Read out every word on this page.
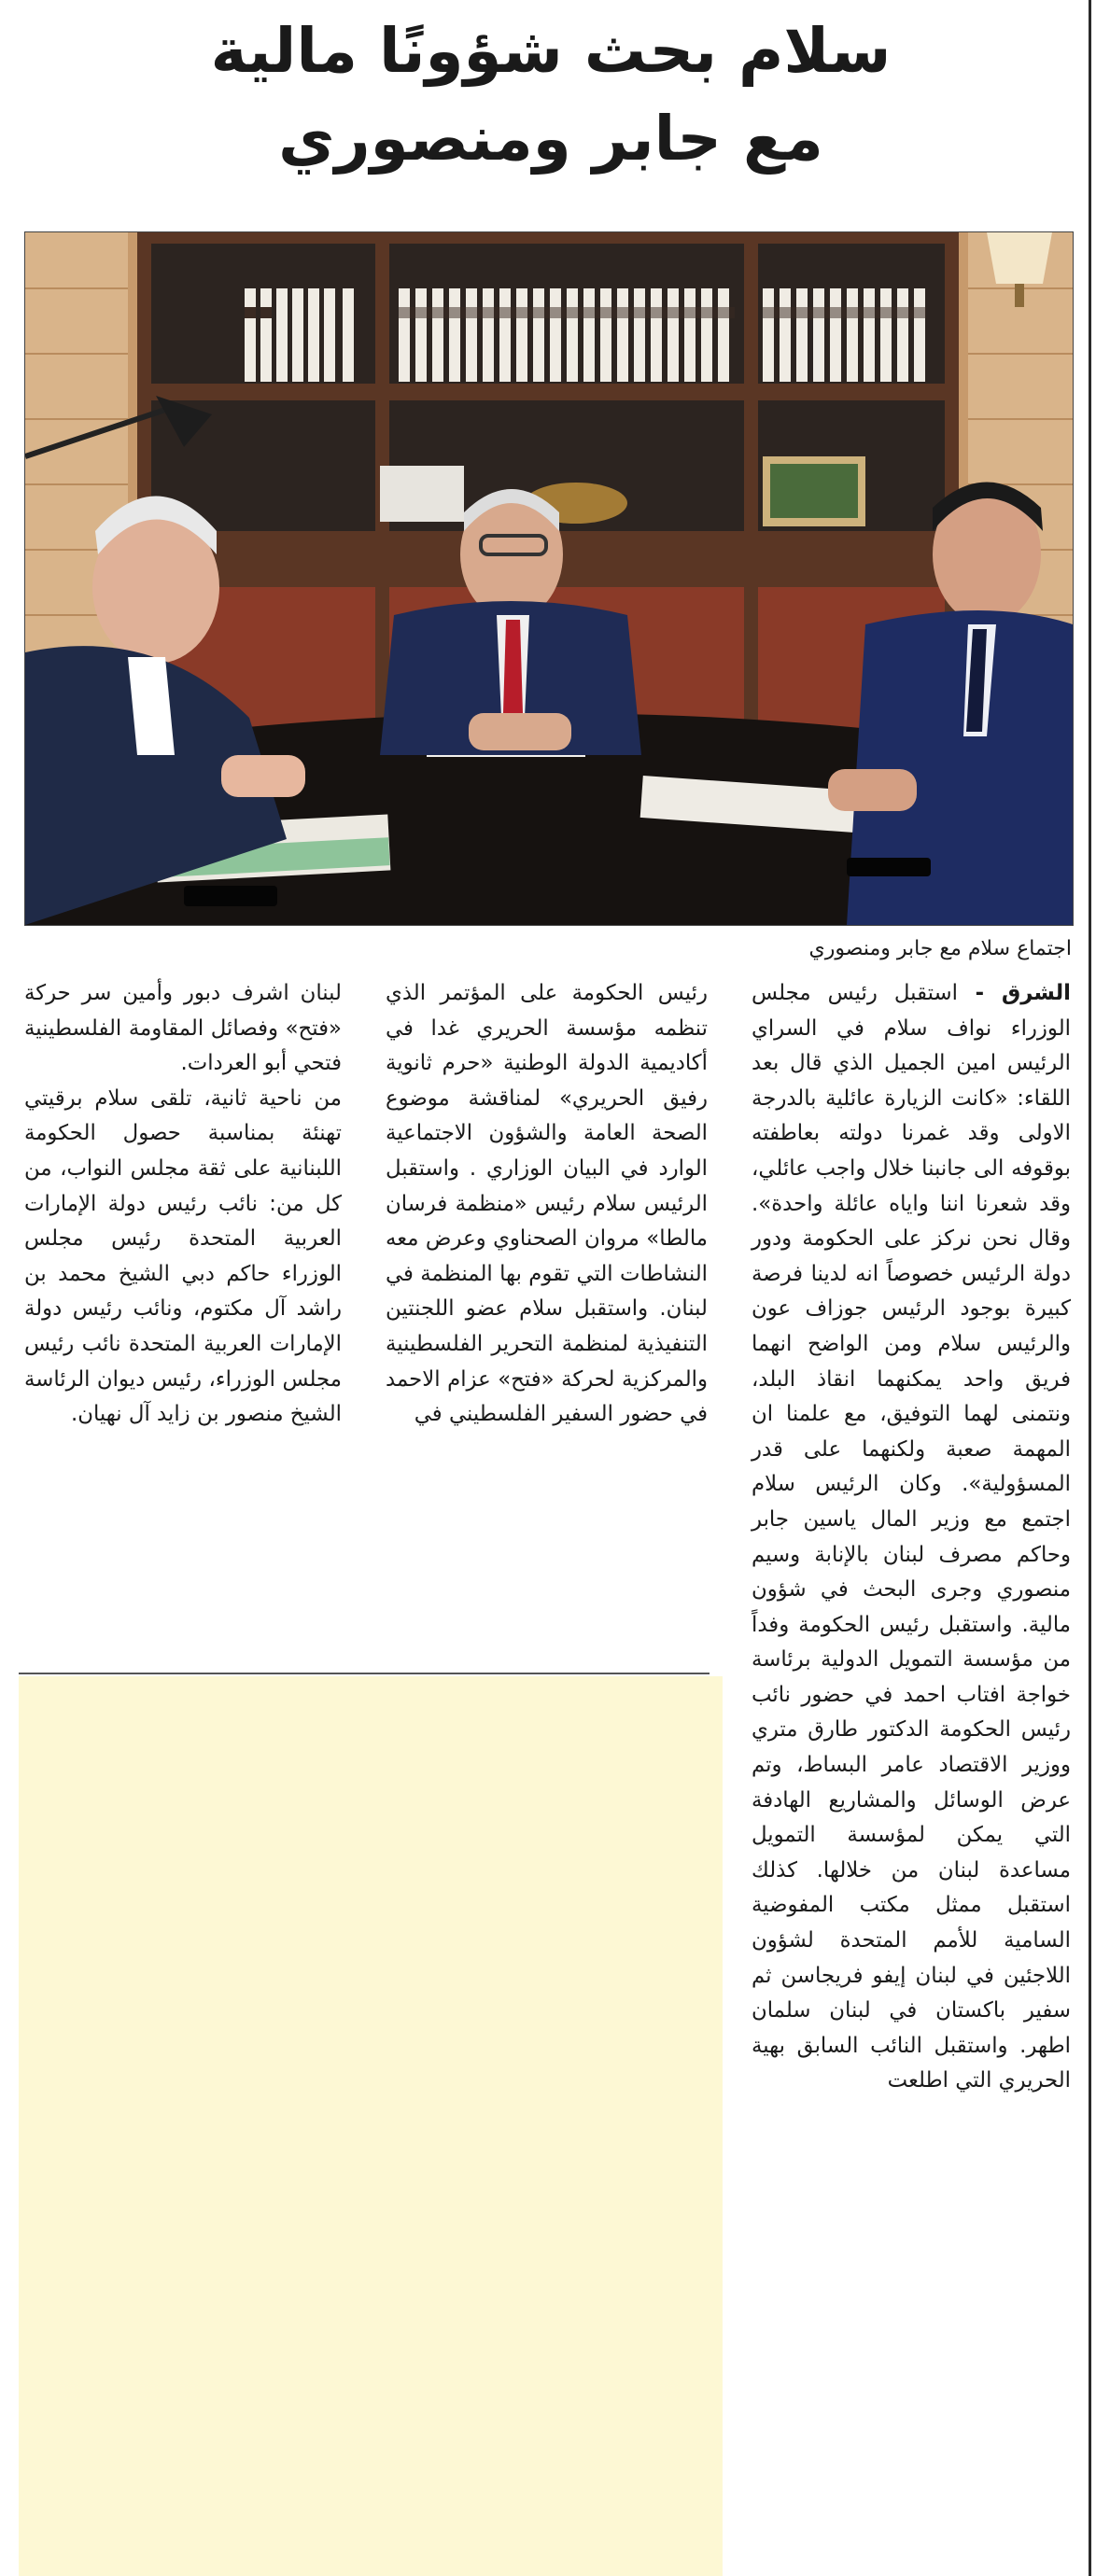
سلام بحث شؤونًا مالية
مع جابر ومنصوري
اجتماع سلام مع جابر ومنصوري

الشرق - استقبل رئيس مجلس الوزراء نواف سلام في السراي الرئيس امين الجميل الذي قال بعد اللقاء: «كانت الزيارة عائلية بالدرجة الاولى وقد غمرنا دولته بعاطفته بوقوفه الى جانبنا خلال واجب عائلي، وقد شعرنا اننا واياه عائلة واحدة». وقال نحن نركز على الحكومة ودور دولة الرئيس خصوصاً انه لدينا فرصة كبيرة بوجود الرئيس جوزاف عون والرئيس سلام ومن الواضح انهما فريق واحد يمكنهما انقاذ البلد، ونتمنى لهما التوفيق، مع علمنا ان المهمة صعبة ولكنهما على قدر المسؤولية». وكان الرئيس سلام اجتمع مع وزير المال ياسين جابر وحاكم مصرف لبنان بالإنابة وسيم منصوري وجرى البحث في شؤون مالية. واستقبل رئيس الحكومة وفداً من مؤسسة التمويل الدولية برئاسة خواجة افتاب احمد في حضور نائب رئيس الحكومة الدكتور طارق متري ووزير الاقتصاد عامر البساط، وتم عرض الوسائل والمشاريع الهادفة التي يمكن لمؤسسة التمويل مساعدة لبنان من خلالها. كذلك استقبل ممثل مكتب المفوضية السامية للأمم المتحدة لشؤون اللاجئين في لبنان إيفو فريجاسن ثم سفير باكستان في لبنان سلمان اطهر. واستقبل النائب السابق بهية الحريري التي اطلعت

رئيس الحكومة على المؤتمر الذي تنظمه مؤسسة الحريري غدا في أكاديمية الدولة الوطنية «حرم ثانوية رفيق الحريري» لمناقشة موضوع الصحة العامة والشؤون الاجتماعية الوارد في البيان الوزاري . واستقبل الرئيس سلام رئيس «منظمة فرسان مالطا» مروان الصحناوي وعرض معه النشاطات التي تقوم بها المنظمة في لبنان. واستقبل سلام عضو اللجنتين التنفيذية لمنظمة التحرير الفلسطينية والمركزية لحركة «فتح» عزام الاحمد في حضور السفير الفلسطيني في

لبنان اشرف دبور وأمين سر حركة «فتح» وفصائل المقاومة الفلسطينية فتحي أبو العردات.

من ناحية ثانية، تلقى سلام برقيتي تهنئة بمناسبة حصول الحكومة اللبنانية على ثقة مجلس النواب، من كل من: نائب رئيس دولة الإمارات العربية المتحدة رئيس مجلس الوزراء حاكم دبي الشيخ محمد بن راشد آل مكتوم، ونائب رئيس دولة الإمارات العربية المتحدة نائب رئيس مجلس الوزراء، رئيس ديوان الرئاسة الشيخ منصور بن زايد آل نهيان.
